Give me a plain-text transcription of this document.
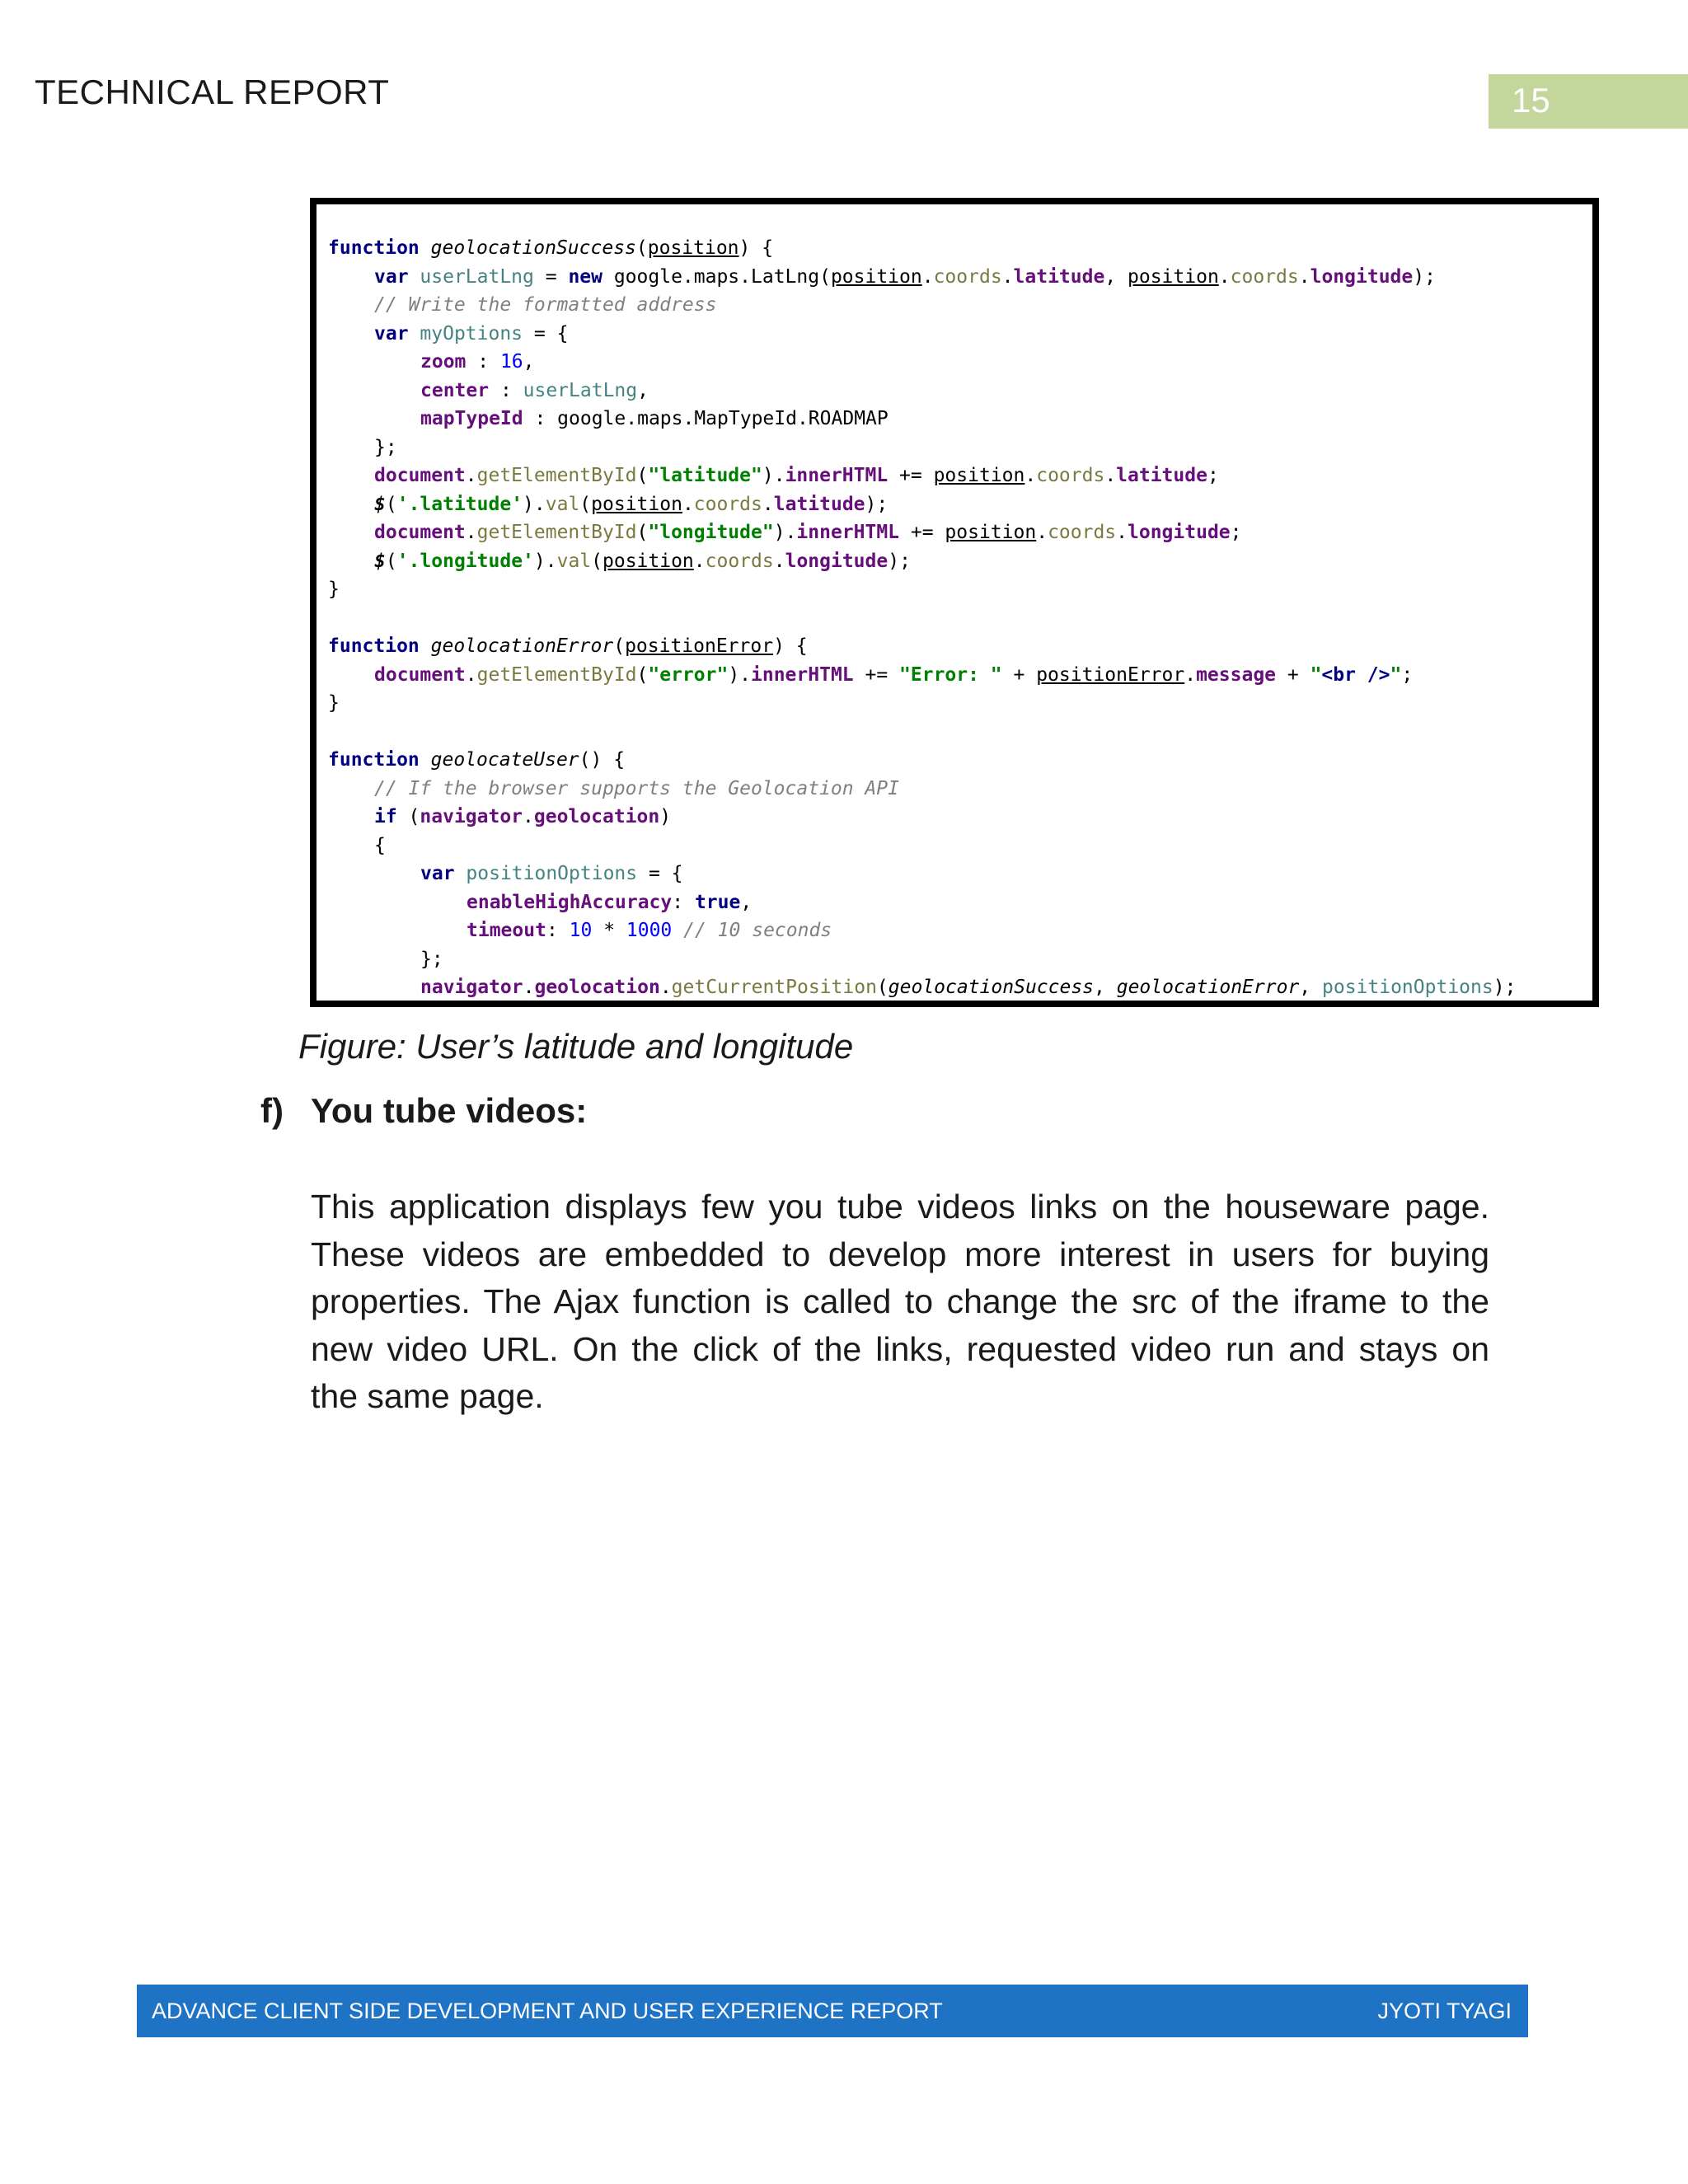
TECHNICAL REPORT	15
function geolocationSuccess(position) {
var userLatLng = new google.maps.LatLng(position.coords.latitude, position.coords.longitude);
// Write the formatted address
var myOptions = {
zoom : 16,
center : userLatLng,
mapTypeId : google.maps.MapTypeId.ROADMAP
};
document.getElementById("latitude").innerHTML += position.coords.latitude;
$('.latitude').val(position.coords.latitude);
document.getElementById("longitude").innerHTML += position.coords.longitude;
$('.longitude').val(position.coords.longitude);
}
function geolocationError(positionError) {
document.getElementById("error").innerHTML += "Error: " + positionError.message + "<br />";
}
function geolocateUser() {
// If the browser supports the Geolocation API
if (navigator.geolocation)
{
var positionOptions = {
enableHighAccuracy: true,
timeout: 10 * 1000 // 10 seconds
};
navigator.geolocation.getCurrentPosition(geolocationSuccess, geolocationError, positionOptions);
Figure: User’s latitude and longitude
f) You tube videos:
This application displays few you tube videos links on the houseware page.
These videos are embedded to develop more interest in users for buying
properties. The Ajax function is called to change the src of the iframe to the
new video URL. On the click of the links, requested video run and stays on
the same page.
ADVANCE CLIENT SIDE DEVELOPMENT AND USER EXPERIENCE REPORT	JYOTI TYAGI
